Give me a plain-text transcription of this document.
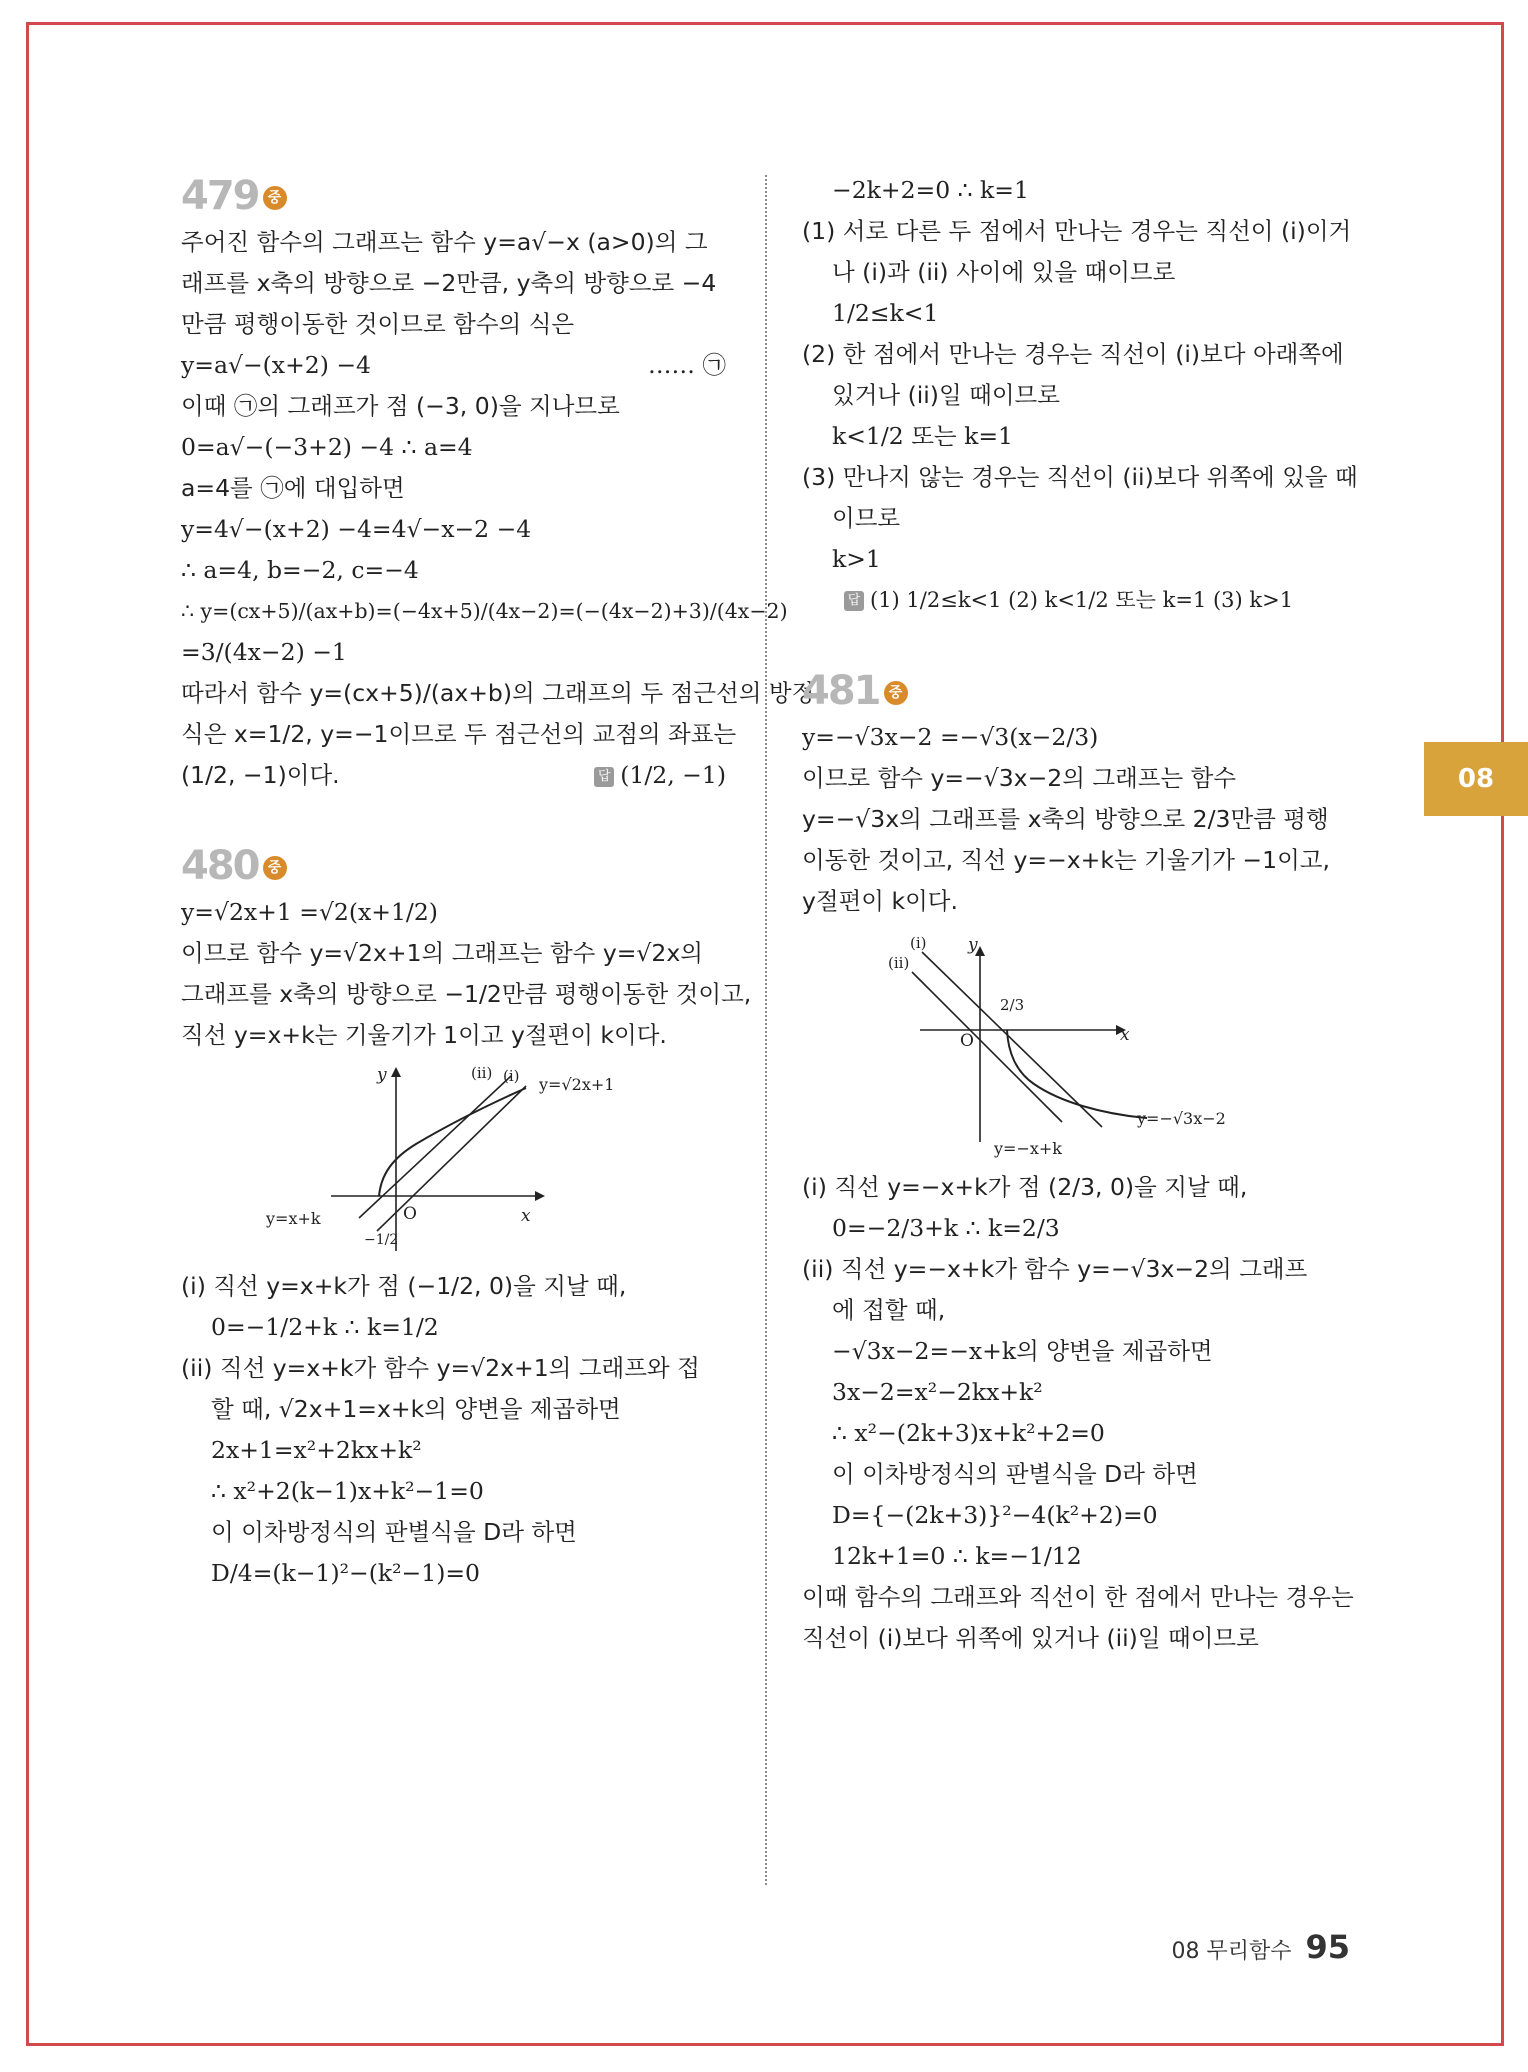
08
479 중
주어진 함수의 그래프는 함수 y=a√−x (a>0)의 그
래프를 x축의 방향으로 −2만큼, y축의 방향으로 −4
만큼 평행이동한 것이므로 함수의 식은
y=a√−(x+2) −4	…… ㉠
이때 ㉠의 그래프가 점 (−3, 0)을 지나므로
0=a√−(−3+2) −4 ∴ a=4
a=4를 ㉠에 대입하면
y=4√−(x+2) −4=4√−x−2 −4
∴ a=4, b=−2, c=−4
∴ y=(cx+5)/(ax+b)=(−4x+5)/(4x−2)=(−(4x−2)+3)/(4x−2)
=3/(4x−2) −1
따라서 함수 y=(cx+5)/(ax+b)의 그래프의 두 점근선의 방정
식은 x=1/2, y=−1이므로 두 점근선의 교점의 좌표는
(1/2, −1)이다.	답 (1/2, −1)
480 중
y=√2x+1 =√2(x+1/2)
이므로 함수 y=√2x+1의 그래프는 함수 y=√2x의
그래프를 x축의 방향으로 −1/2만큼 평행이동한 것이고,
직선 y=x+k는 기울기가 1이고 y절편이 k이다.
x
y
O
y=√2x+1
y=x+k
−1/2
(i)
(ii)
(i) 직선 y=x+k가 점 (−1/2, 0)을 지날 때,
0=−1/2+k ∴ k=1/2
(ii) 직선 y=x+k가 함수 y=√2x+1의 그래프와 접
할 때, √2x+1=x+k의 양변을 제곱하면
2x+1=x²+2kx+k²
∴ x²+2(k−1)x+k²−1=0
이 이차방정식의 판별식을 D라 하면
D/4=(k−1)²−(k²−1)=0
−2k+2=0 ∴ k=1
(1) 서로 다른 두 점에서 만나는 경우는 직선이 (i)이거
나 (i)과 (ii) 사이에 있을 때이므로
1/2≤k<1
(2) 한 점에서 만나는 경우는 직선이 (i)보다 아래쪽에
있거나 (ii)일 때이므로
k<1/2 또는 k=1
(3) 만나지 않는 경우는 직선이 (ii)보다 위쪽에 있을 때
이므로
k>1
답 (1) 1/2≤k<1 (2) k<1/2 또는 k=1 (3) k>1
481 중
y=−√3x−2 =−√3(x−2/3)
이므로 함수 y=−√3x−2의 그래프는 함수
y=−√3x의 그래프를 x축의 방향으로 2/3만큼 평행
이동한 것이고, 직선 y=−x+k는 기울기가 −1이고,
y절편이 k이다.
x
y
O
2/3
y=−√3x−2
y=−x+k
(i)
(ii)
(i) 직선 y=−x+k가 점 (2/3, 0)을 지날 때,
0=−2/3+k ∴ k=2/3
(ii) 직선 y=−x+k가 함수 y=−√3x−2의 그래프
에 접할 때,
−√3x−2=−x+k의 양변을 제곱하면
3x−2=x²−2kx+k²
∴ x²−(2k+3)x+k²+2=0
이 이차방정식의 판별식을 D라 하면
D={−(2k+3)}²−4(k²+2)=0
12k+1=0 ∴ k=−1/12
이때 함수의 그래프와 직선이 한 점에서 만나는 경우는
직선이 (i)보다 위쪽에 있거나 (ii)일 때이므로
08 무리함수 95
